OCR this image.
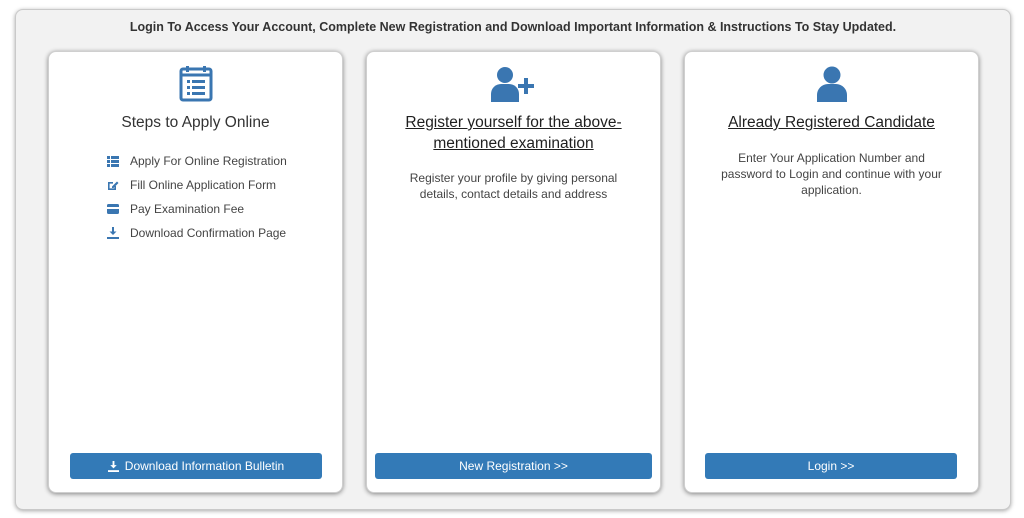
Login To Access Your Account, Complete New Registration and Download Important Information & Instructions To Stay Updated.
Steps to Apply Online
Apply For Online Registration
Fill Online Application Form
Pay Examination Fee
Download Confirmation Page
Download Information Bulletin
Register yourself for the above-mentioned examination
Register your profile by giving personal details, contact details and address
New Registration >>
Already Registered Candidate
Enter Your Application Number and password to Login and continue with your application.
Login >>
